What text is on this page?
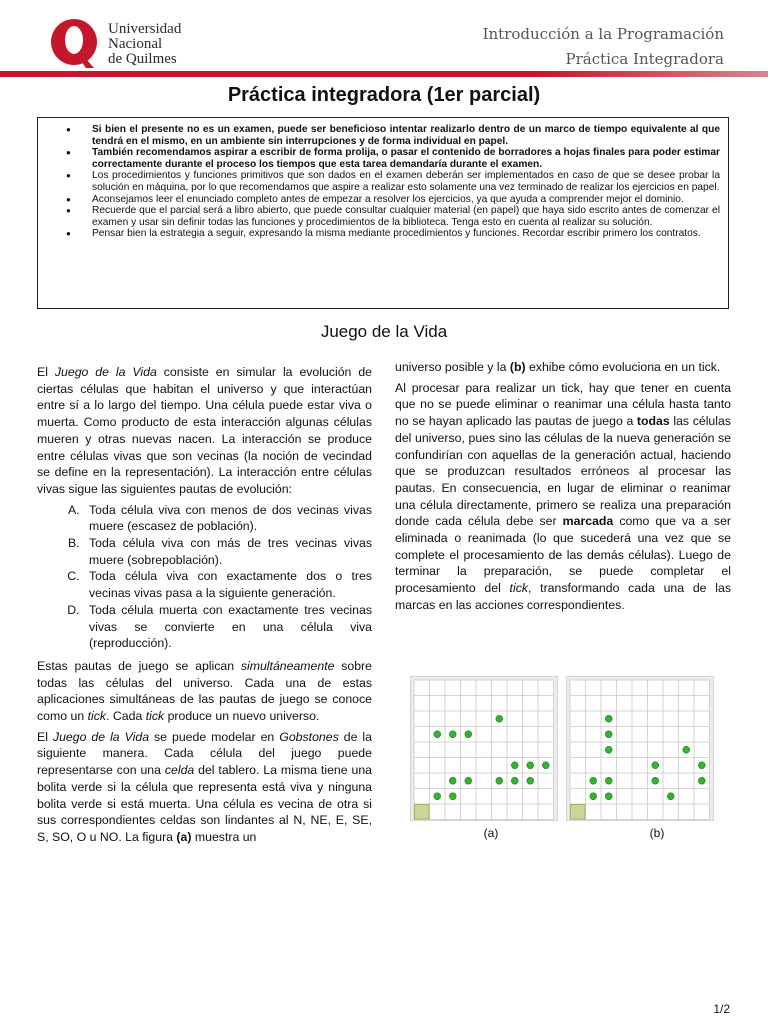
Universidad
Nacional
de Quilmes
Introducción a la Programación
Práctica Integradora
Práctica integradora (1er parcial)
● Si bien el presente no es un examen, puede ser beneficioso intentar realizarlo dentro de un marco de tiempo equivalente al que tendrá en el mismo, en un ambiente sin interrupciones y de forma individual en papel.
● También recomendamos aspirar a escribir de forma prolija, o pasar el contenido de borradores a hojas finales para poder estimar correctamente durante el proceso los tiempos que esta tarea demandaría durante el examen.
● Los procedimientos y funciones primitivos que son dados en el examen deberán ser implementados en caso de que se desee probar la solución en máquina, por lo que recomendamos que aspire a realizar esto solamente una vez terminado de realizar los ejercicios en papel.
● Aconsejamos leer el enunciado completo antes de empezar a resolver los ejercicios, ya que ayuda a comprender mejor el dominio.
● Recuerde que el parcial será a libro abierto, que puede consultar cualquier material (en papel) que haya sido escrito antes de comenzar el examen y usar sin definir todas las funciones y procedimientos de la biblioteca. Tenga esto en cuenta al realizar su solución.
● Pensar bien la estrategia a seguir, expresando la misma mediante procedimientos y funciones. Recordar escribir primero los contratos.
Juego de la Vida

El Juego de la Vida consiste en simular la evolución de ciertas células que habitan el universo y que interactúan entre sí a lo largo del tiempo. Una célula puede estar viva o muerta. Como producto de esta interacción algunas células mueren y otras nuevas nacen. La interacción se produce entre células vivas que son vecinas (la noción de vecindad se define en la representación). La interacción entre células vivas sigue las siguientes pautas de evolución:

A. Toda célula viva con menos de dos vecinas vivas muere (escasez de población).
B. Toda célula viva con más de tres vecinas vivas muere (sobrepoblación).
C. Toda célula viva con exactamente dos o tres vecinas vivas pasa a la siguiente generación.
D. Toda célula muerta con exactamente tres vecinas vivas se convierte en una célula viva (reproducción).

Estas pautas de juego se aplican simultáneamente sobre todas las células del universo. Cada una de estas aplicaciones simultáneas de las pautas de juego se conoce como un tick. Cada tick produce un nuevo universo.

El Juego de la Vida se puede modelar en Gobstones de la siguiente manera. Cada célula del juego puede representarse con una celda del tablero. La misma tiene una bolita verde si la célula que representa está viva y ninguna bolita verde si está muerta. Una célula es vecina de otra si sus correspondientes celdas son lindantes al N, NE, E, SE, S, SO, O u NO. La figura (a) muestra un

universo posible y la (b) exhibe cómo evoluciona en un tick.

Al procesar para realizar un tick, hay que tener en cuenta que no se puede eliminar o reanimar una célula hasta tanto no se hayan aplicado las pautas de juego a todas las células del universo, pues sino las células de la nueva generación se confundirían con aquellas de la generación actual, haciendo que se produzcan resultados erróneos al procesar las pautas. En consecuencia, en lugar de eliminar o reanimar una célula directamente, primero se realiza una preparación donde cada célula debe ser marcada como que va a ser eliminada o reanimada (lo que sucederá una vez que se complete el procesamiento de las demás células). Luego de terminar la preparación, se puede completar el procesamiento del tick, transformando cada una de las marcas en las acciones correspondientes.

(a)	(b)
1/2
